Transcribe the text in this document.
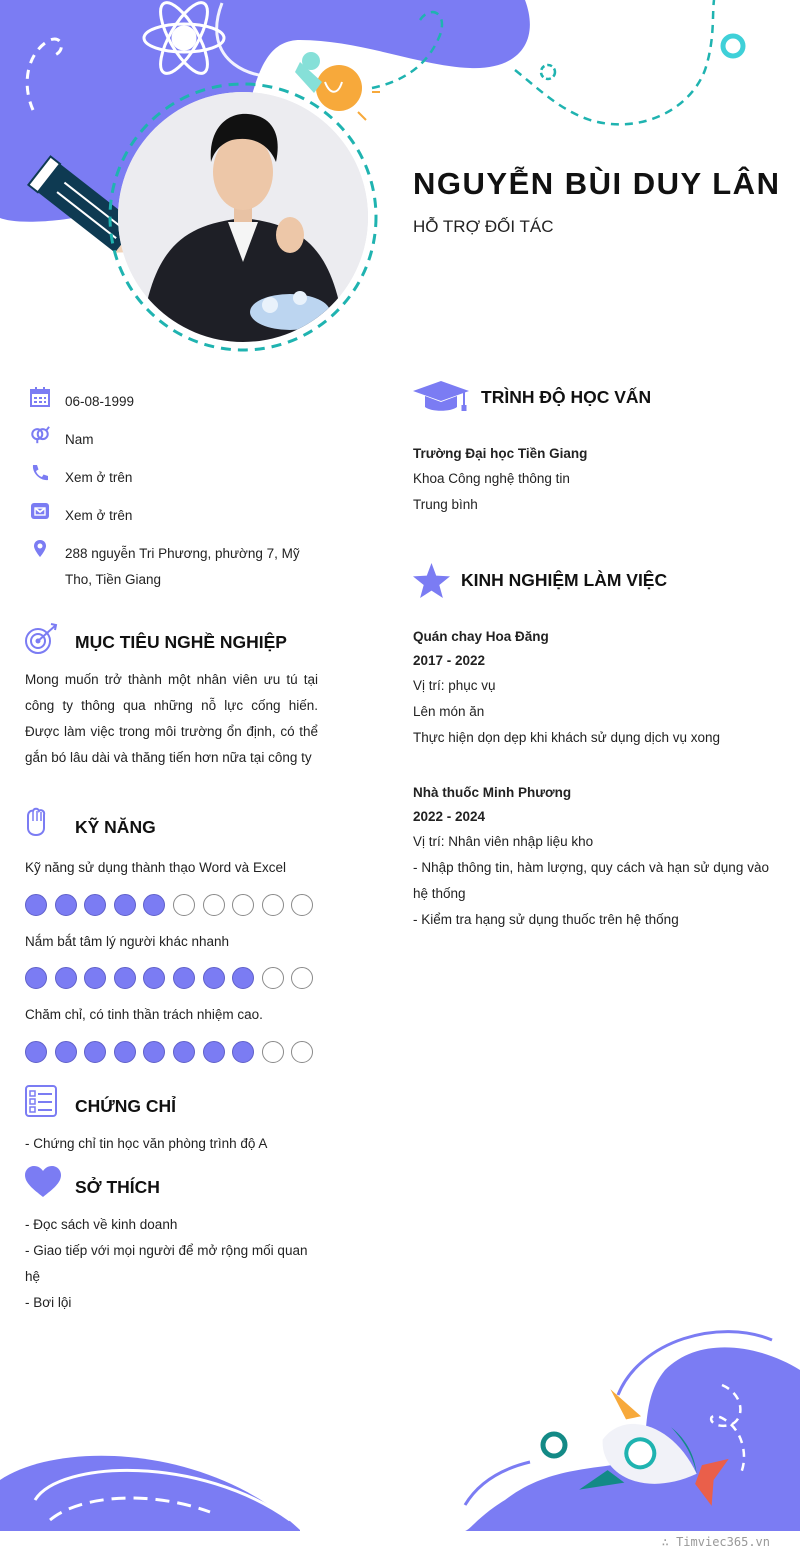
NGUYỄN BÙI DUY LÂN
HỖ TRỢ ĐỐI TÁC
06-08-1999
Nam
Xem ở trên
Xem ở trên
288 nguyễn Tri Phương, phường 7, Mỹ Tho, Tiền Giang
MỤC TIÊU NGHỀ NGHIỆP
Mong muốn trở thành một nhân viên ưu tú tại công ty thông qua những nỗ lực cống hiến. Được làm việc trong môi trường ổn định, có thể gắn bó lâu dài và thăng tiến hơn nữa tại công ty
KỸ NĂNG
Kỹ năng sử dụng thành thạo Word và Excel
Nắm bắt tâm lý người khác nhanh
Chăm chỉ, có tinh thần trách nhiệm cao.
CHỨNG CHỈ
- Chứng chỉ tin học văn phòng trình độ A
SỞ THÍCH
- Đọc sách về kinh doanh
- Giao tiếp với mọi người để mở rộng mối quan hệ
- Bơi lội
TRÌNH ĐỘ HỌC VẤN
Trường Đại học Tiền Giang
Khoa Công nghệ thông tin
Trung bình
KINH NGHIỆM LÀM VIỆC
Quán chay Hoa Đăng
2017 - 2022
Vị trí: phục vụ
Lên món ăn
Thực hiện dọn dẹp khi khách sử dụng dịch vụ xong
Nhà thuốc Minh Phương
2022 - 2024
Vị trí: Nhân viên nhập liệu kho
- Nhập thông tin, hàm lượng, quy cách và hạn sử dụng vào hệ thống
- Kiểm tra hạng sử dụng thuốc trên hệ thống
∴ Timviec365.vn
